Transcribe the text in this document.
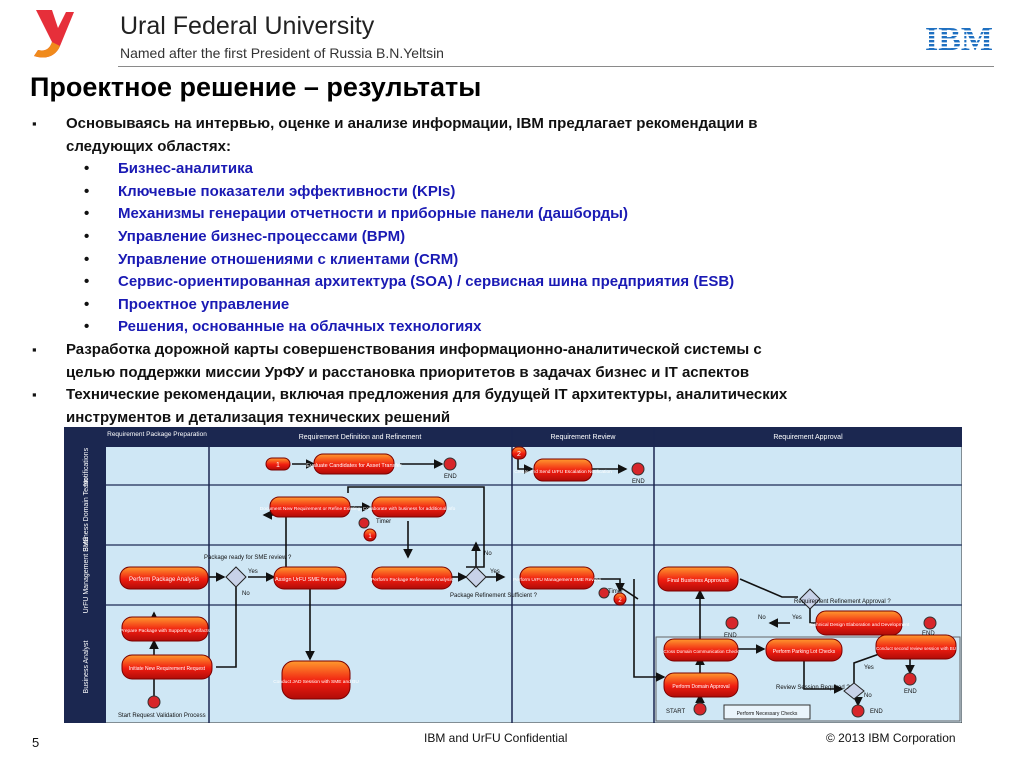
Ural Federal University
Named after the first President of Russia B.N.Yeltsin	IBM
Проектное решение – результаты
▪ Основываясь на интервью, оценке и анализе информации, IBM предлагает рекомендации в
следующих областях:
• Бизнес-аналитика
• Ключевые показатели эффективности (KPIs)
• Механизмы генерации отчетности и приборные панели (дашборды)
• Управление бизнес-процессами (BPM)
• Управление отношениями с клиентами (CRM)
• Сервис-ориентированная архитектура (SOA) / сервисная шина предприятия (ESB)
• Проектное управление
• Решения, основанные на облачных технологиях
▪ Разработка дорожной карты совершенствования информационно-аналитической системы с
целью поддержки миссии УрФУ и расстановка приоритетов в задачах бизнес и IT аспектов
▪ Технические рекомендации, включая предложения для будущей IT архитектуры, аналитических
инструментов и детализация технических решений
Requirement Package Preparation	Requirement Definition and Refinement	Requirement Review	Requirement Approval
Notifications
Business Domain Team
UrFU Management SME
Business Analyst
Evaluate Candidates for Asset Transfer
Create and Send UrFU Escalation Notification
Document New Requirement or Refine Existing Collaborate with business for additional info
Perform Package Analysis	Assign UrFU SME for review	Perform Package Refinement Analysis	Perform UrFU Management SME Review	Final Business Approvals
Technical Design Elaboration and Development
Prepare Package with Supporting Artifacts
Initiate New Requirement Request
Conduct JAD Session with SME and BU
Cross Domain Communication Check	Perform Parking Lot Checks
Conduct second review session with BU
Perform Domain Approval
Perform Necessary Checks
1
2
1
2
END
END
Timer
Timer
Package ready for SME review ?
Yes
No
No
Yes
Package Refinement Sufficient ?
Requirement Refinement Approval ?
No	Yes
END	END
Yes
Review Session Required ?
No
END
END
START
Start Request Validation Process
5	IBM and UrFU Confidential	© 2013 IBM Corporation
